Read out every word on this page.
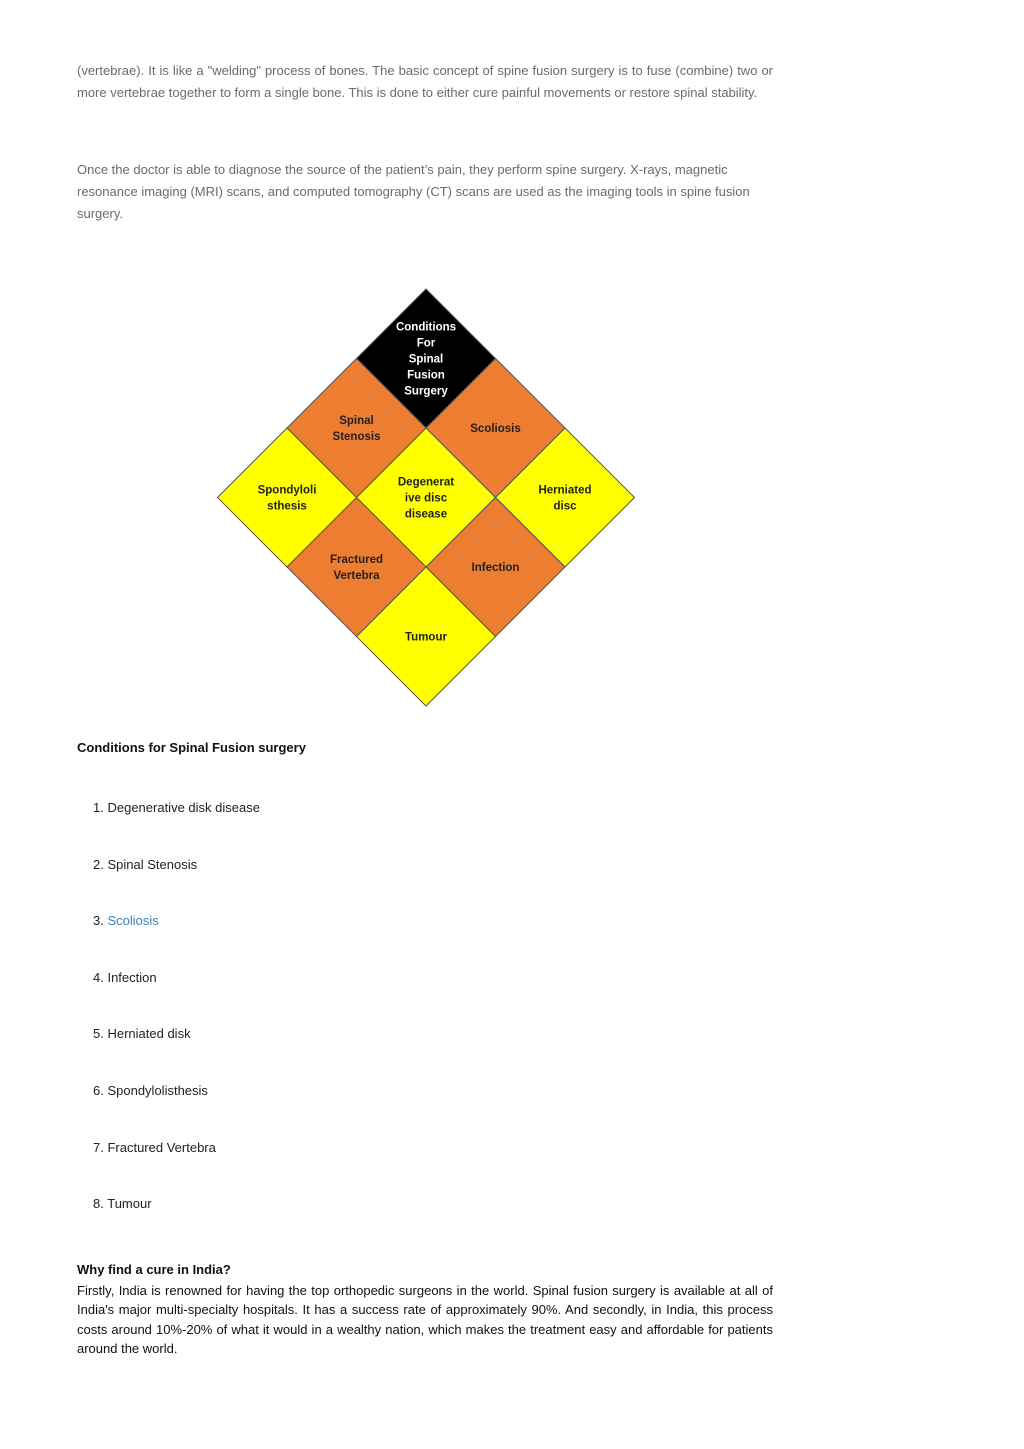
(vertebrae). It is like a "welding" process of bones. The basic concept of spine fusion surgery is to fuse (combine) two or more vertebrae together to form a single bone. This is done to either cure painful movements or restore spinal stability.

Once the doctor is able to diagnose the source of the patient’s pain, they perform spine surgery. X-rays, magnetic resonance imaging (MRI) scans, and computed tomography (CT) scans are used as the imaging tools in spine fusion surgery.

Conditions For Spinal Fusion Surgery
Scoliosis
Herniated disc
Spinal Stenosis
Degenerat ive disc disease
Infection
Spondyloli sthesis
Fractured Vertebra
Tumour

Conditions for Spinal Fusion surgery

1. Degenerative disk disease
2. Spinal Stenosis
3. Scoliosis
4. Infection
5. Herniated disk
6. Spondylolisthesis
7. Fractured Vertebra
8. Tumour

Why find a cure in India?

Firstly, India is renowned for having the top orthopedic surgeons in the world. Spinal fusion surgery is available at all of India's major multi-specialty hospitals. It has a success rate of approximately 90%. And secondly, in India, this process costs around 10%-20% of what it would in a wealthy nation, which makes the treatment easy and affordable for patients around the world.
